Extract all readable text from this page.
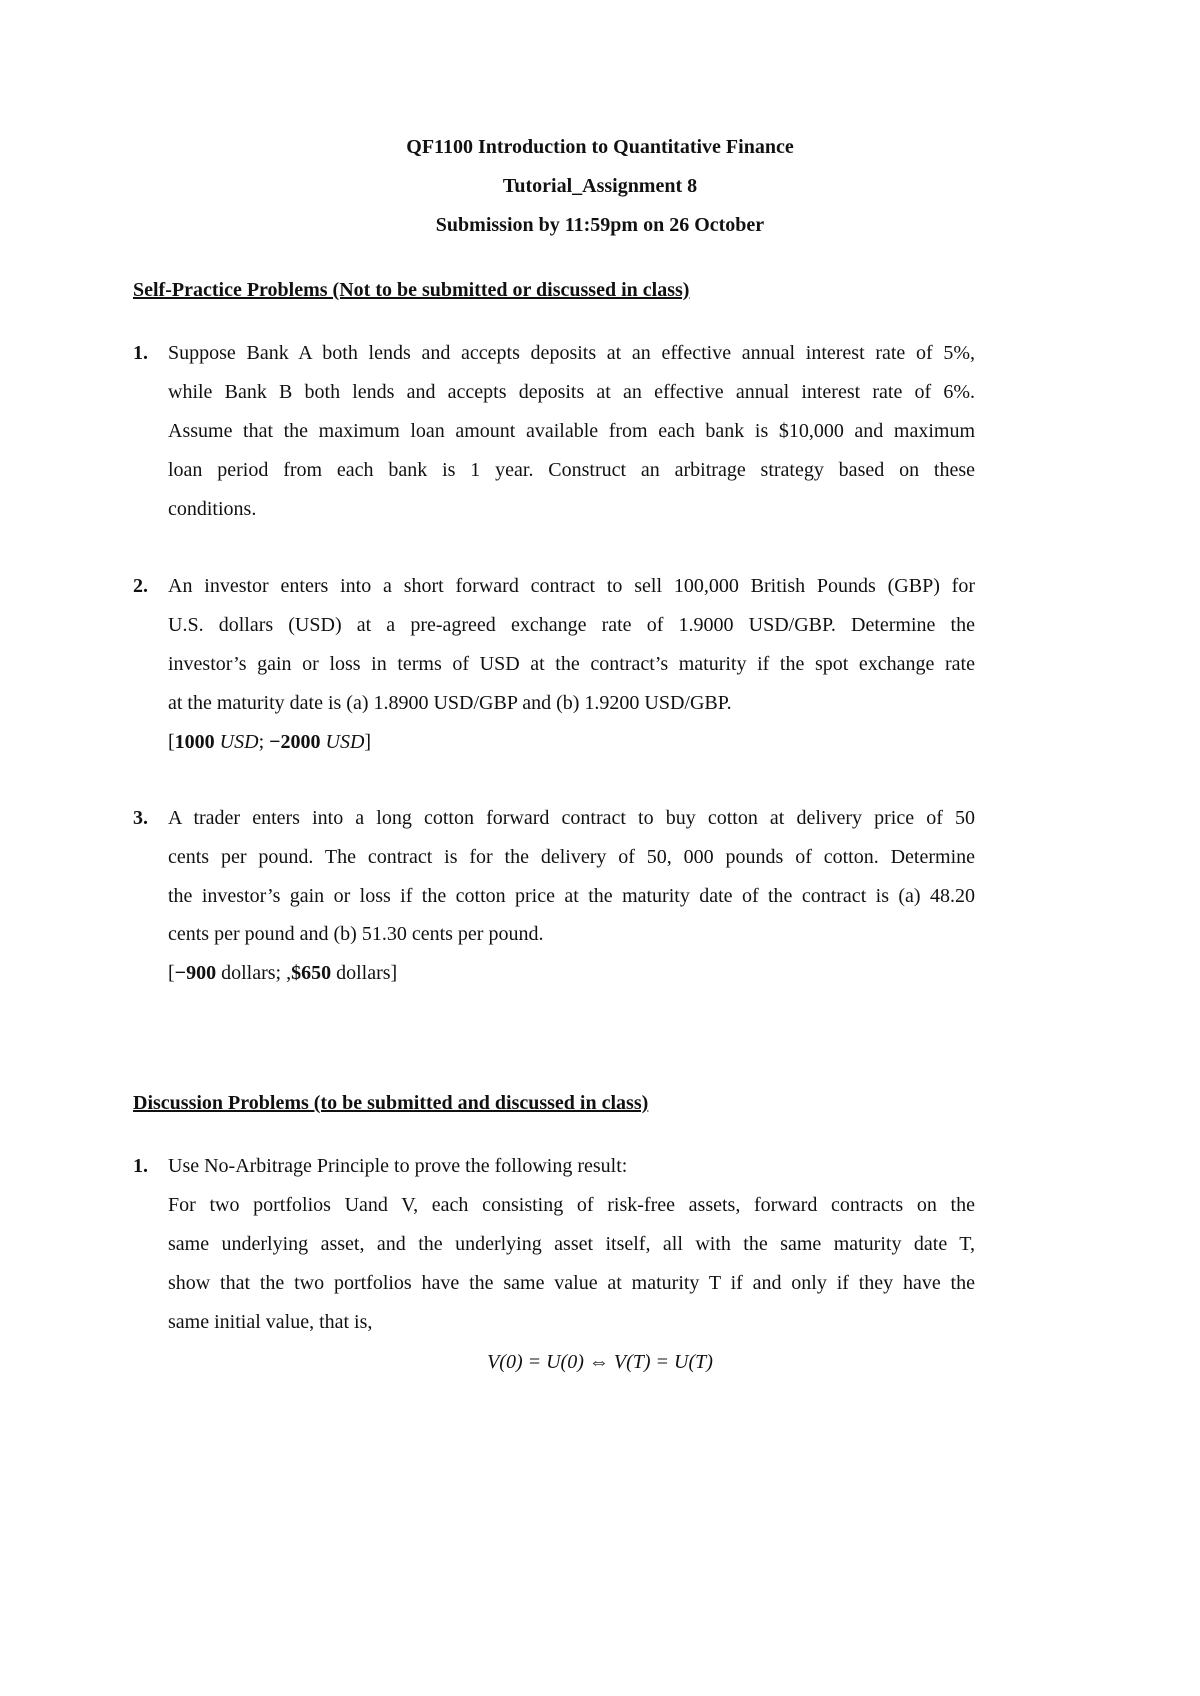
QF1100 Introduction to Quantitative Finance
Tutorial_Assignment 8
Submission by 11:59pm on 26 October
Self-Practice Problems (Not to be submitted or discussed in class)
1. Suppose Bank A both lends and accepts deposits at an effective annual interest rate of 5%,
while Bank B both lends and accepts deposits at an effective annual interest rate of 6%.
Assume that the maximum loan amount available from each bank is $10,000 and maximum
loan period from each bank is 1 year. Construct an arbitrage strategy based on these
conditions.
2. An investor enters into a short forward contract to sell 100,000 British Pounds (GBP) for
U.S. dollars (USD) at a pre-agreed exchange rate of 1.9000 USD/GBP. Determine the
investor’s gain or loss in terms of USD at the contract’s maturity if the spot exchange rate
at the maturity date is (a) 1.8900 USD/GBP and (b) 1.9200 USD/GBP.
[1000 USD; −2000 USD]
3. A trader enters into a long cotton forward contract to buy cotton at delivery price of 50
cents per pound. The contract is for the delivery of 50, 000 pounds of cotton. Determine
the investor’s gain or loss if the cotton price at the maturity date of the contract is (a) 48.20
cents per pound and (b) 51.30 cents per pound.
[−900 dollars; ,$650 dollars]
Discussion Problems (to be submitted and discussed in class)
1. Use No-Arbitrage Principle to prove the following result:
For two portfolios Uand V, each consisting of risk-free assets, forward contracts on the
same underlying asset, and the underlying asset itself, all with the same maturity date T,
show that the two portfolios have the same value at maturity T if and only if they have the
same initial value, that is,
V(0) = U(0) ⇔ V(T) = U(T)
